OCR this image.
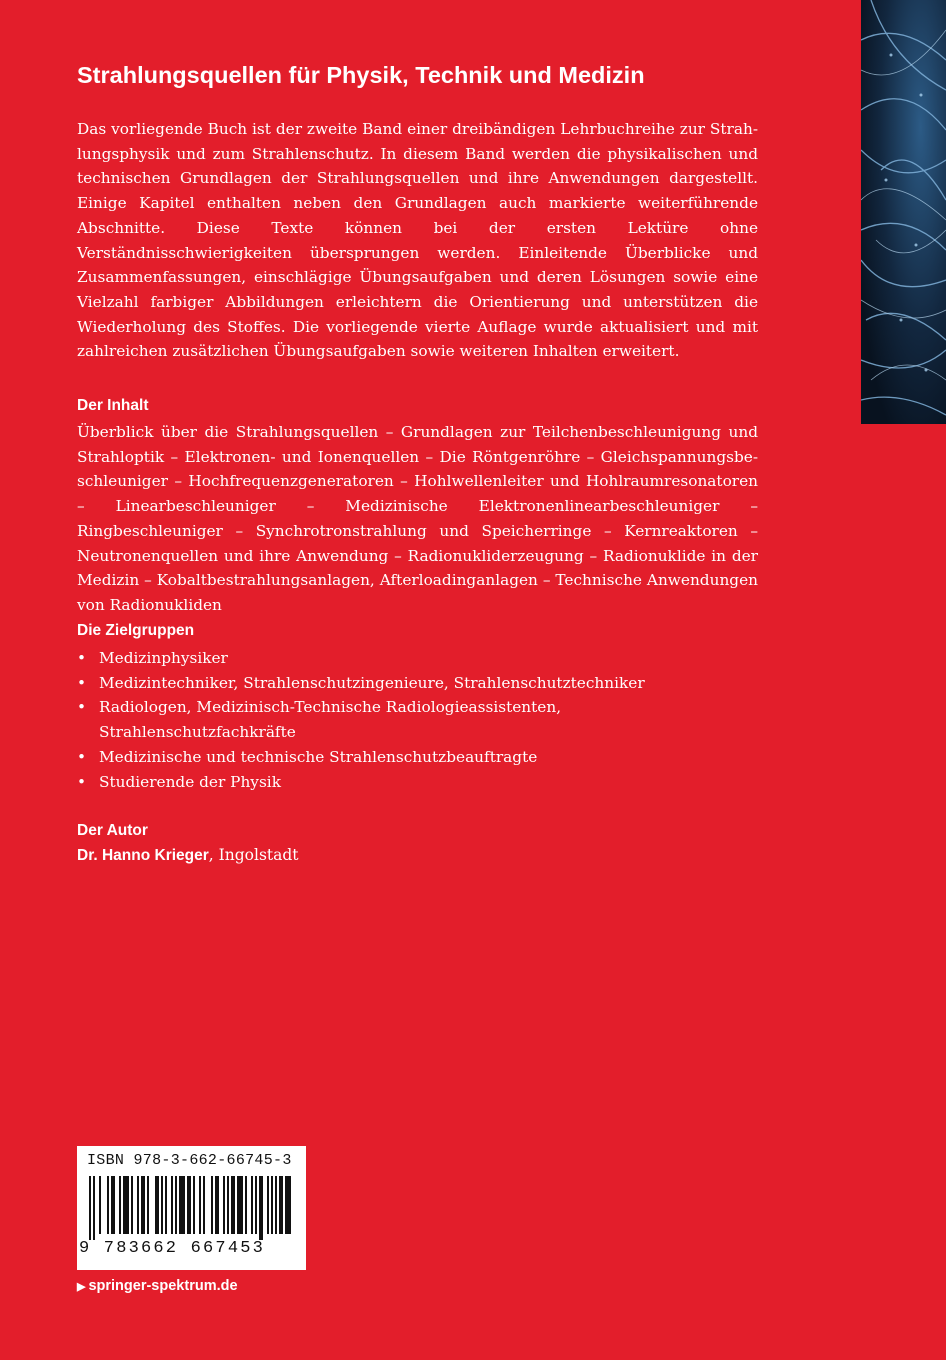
Strahlungsquellen für Physik, Technik und Medizin
Das vorliegende Buch ist der zweite Band einer dreibändigen Lehrbuchreihe zur Strahlungsphysik und zum Strahlenschutz. In diesem Band werden die physikalischen und technischen Grundlagen der Strahlungsquellen und ihre Anwendungen dargestellt. Einige Kapitel enthalten neben den Grundlagen auch markierte weiterführende Abschnitte. Diese Texte können bei der ersten Lektüre ohne Verständnisschwierigkeiten übersprungen werden. Einleitende Überblicke und Zusammenfassungen, einschlägige Übungsaufgaben und deren Lösungen sowie eine Vielzahl farbiger Abbildungen erleichtern die Orientierung und unterstützen die Wiederholung des Stoffes. Die vorliegende vierte Auflage wurde aktualisiert und mit zahlreichen zusätzlichen Übungsaufgaben sowie weiteren Inhalten erweitert.
Der Inhalt
Überblick über die Strahlungsquellen – Grundlagen zur Teilchenbeschleunigung und Strahloptik – Elektronen- und Ionenquellen – Die Röntgenröhre – Gleichspannungsbeschleuniger – Hochfrequenzgeneratoren – Hohlwellenleiter und Hohlraumresonatoren – Linearbeschleuniger – Medizinische Elektronenlinearbeschleuniger – Ringbeschleuniger – Synchrotronstrahlung und Speicherringe – Kernreaktoren – Neutronenquellen und ihre Anwendung – Radionukliderzeugung – Radionuklide in der Medizin – Kobaltbestrahlungsanlagen, Afterloadinganlagen – Technische Anwendungen von Radionukliden
Die Zielgruppen
• Medizinphysiker
• Medizintechniker, Strahlenschutzingenieure, Strahlenschutztechniker
• Radiologen, Medizinisch-Technische Radiologieassistenten, Strahlenschutzfachkräfte
• Medizinische und technische Strahlenschutzbeauftragte
• Studierende der Physik
Der Autor
Dr. Hanno Krieger, Ingolstadt
ISBN 978-3-662-66745-3
9 783662 667453
▶ springer-spektrum.de
